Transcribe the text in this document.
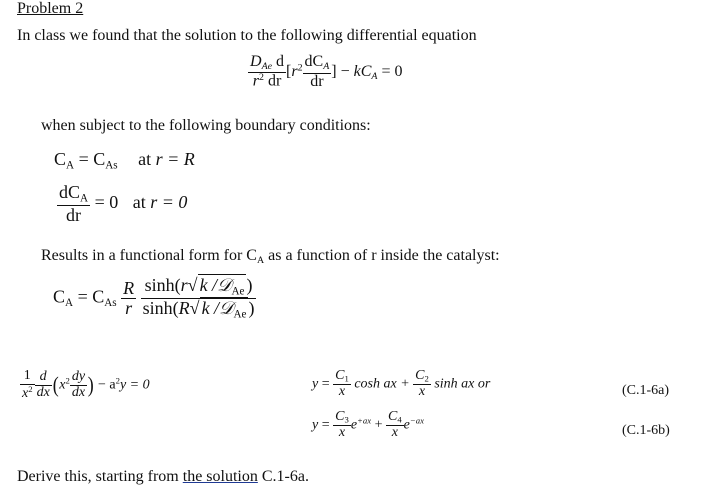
Problem 2
In class we found that the solution to the following differential equation
$\frac{D_{Ae} d}{r^2 dr} [r^2 \frac{dC_A}{dr}$ ] − $kC_A = 0$
when subject to the following boundary conditions:
$C_A = C_{As}$ at r = R
$\frac{dC_A}{dr} = 0$ at r = 0
Results in a functional form for $C_A$ as a function of r inside the catalyst:
$C_A = C_{As} \frac{R}{r}$
$\frac{\sinh(r√ k /𝒟_{Ae} )}{\sinh(R√ k /𝒟_{Ae} )}$
$\frac{1}{x^2} \frac{d}{dx} (x^2 \frac{dy}{dx}$ ) − $a^2y = 0$	$y = \frac{C_1}{x}$ cosh ax + $\frac{C_2}{x}$ sinh ax or	(C.1-6a)
$y = \frac{C_3}{x} e^{+ax} + \frac{C_4}{x} e^{-ax}$
(C.1-6b)
Derive this, starting from the solution C.1-6a.
